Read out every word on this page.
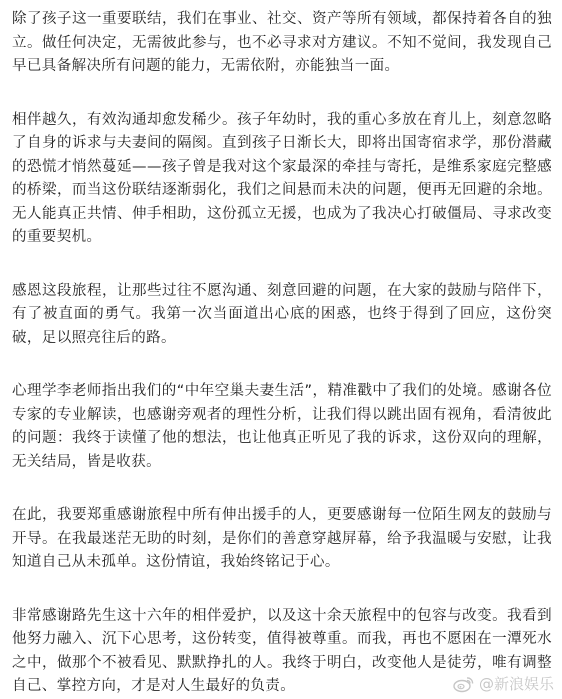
除了孩子这一重要联结，我们在事业、社交、资产等所有领域，都保持着各自的独立。做任何决定，无需彼此参与，也不必寻求对方建议。不知不觉间，我发现自己早已具备解决所有问题的能力，无需依附，亦能独当一面。

相伴越久，有效沟通却愈发稀少。孩子年幼时，我的重心多放在育儿上，刻意忽略了自身的诉求与夫妻间的隔阂。直到孩子日渐长大，即将出国寄宿求学，那份潜藏的恐慌才悄然蔓延——孩子曾是我对这个家最深的牵挂与寄托，是维系家庭完整感的桥梁，而当这份联结逐渐弱化，我们之间悬而未决的问题，便再无回避的余地。无人能真正共情、伸手相助，这份孤立无援，也成为了我决心打破僵局、寻求改变的重要契机。

感恩这段旅程，让那些过往不愿沟通、刻意回避的问题，在大家的鼓励与陪伴下，有了被直面的勇气。我第一次当面道出心底的困惑，也终于得到了回应，这份突破，足以照亮往后的路。

心理学李老师指出我们的“中年空巢夫妻生活”，精准戳中了我们的处境。感谢各位专家的专业解读，也感谢旁观者的理性分析，让我们得以跳出固有视角，看清彼此的问题：我终于读懂了他的想法，也让他真正听见了我的诉求，这份双向的理解，无关结局，皆是收获。

在此，我要郑重感谢旅程中所有伸出援手的人，更要感谢每一位陌生网友的鼓励与开导。在我最迷茫无助的时刻，是你们的善意穿越屏幕，给予我温暖与安慰，让我知道自己从未孤单。这份情谊，我始终铭记于心。

非常感谢路先生这十六年的相伴爱护，以及这十余天旅程中的包容与改变。我看到他努力融入、沉下心思考，这份转变，值得被尊重。而我，再也不愿困在一潭死水之中，做那个不被看见、默默挣扎的人。我终于明白，改变他人是徒劳，唯有调整自己、掌控方向，才是对人生最好的负责。	@新浪娱乐
